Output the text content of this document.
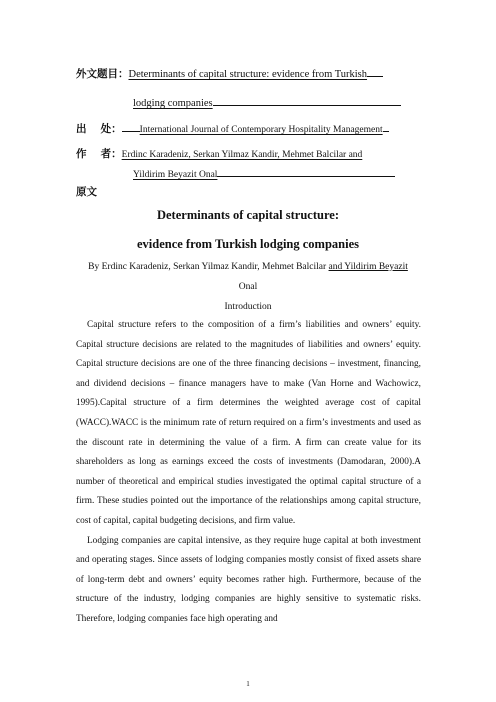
外文题目：Determinants of capital structure: evidence from Turkish
lodging companies
出　 处： International Journal of Contemporary Hospitality Management
作　 者：Erdinc Karadeniz, Serkan Yilmaz Kandir, Mehmet Balcilar and
Yildirim Beyazit Onal
原文
Determinants of capital structure:
evidence from Turkish lodging companies
By Erdinc Karadeniz, Serkan Yilmaz Kandir, Mehmet Balcilar and Yildirim Beyazit
Onal
Introduction

Capital structure refers to the composition of a firm’s liabilities and owners’ equity. Capital structure decisions are related to the magnitudes of liabilities and owners’ equity. Capital structure decisions are one of the three financing decisions – investment, financing, and dividend decisions – finance managers have to make (Van Horne and Wachowicz, 1995).Capital structure of a firm determines the weighted average cost of capital (WACC).WACC is the minimum rate of return required on a firm’s investments and used as the discount rate in determining the value of a firm. A firm can create value for its shareholders as long as earnings exceed the costs of investments (Damodaran, 2000).A number of theoretical and empirical studies investigated the optimal capital structure of a firm. These studies pointed out the importance of the relationships among capital structure, cost of capital, capital budgeting decisions, and firm value.

Lodging companies are capital intensive, as they require huge capital at both investment and operating stages. Since assets of lodging companies mostly consist of fixed assets share of long-term debt and owners’ equity becomes rather high. Furthermore, because of the structure of the industry, lodging companies are highly sensitive to systematic risks. Therefore, lodging companies face high operating and

1
